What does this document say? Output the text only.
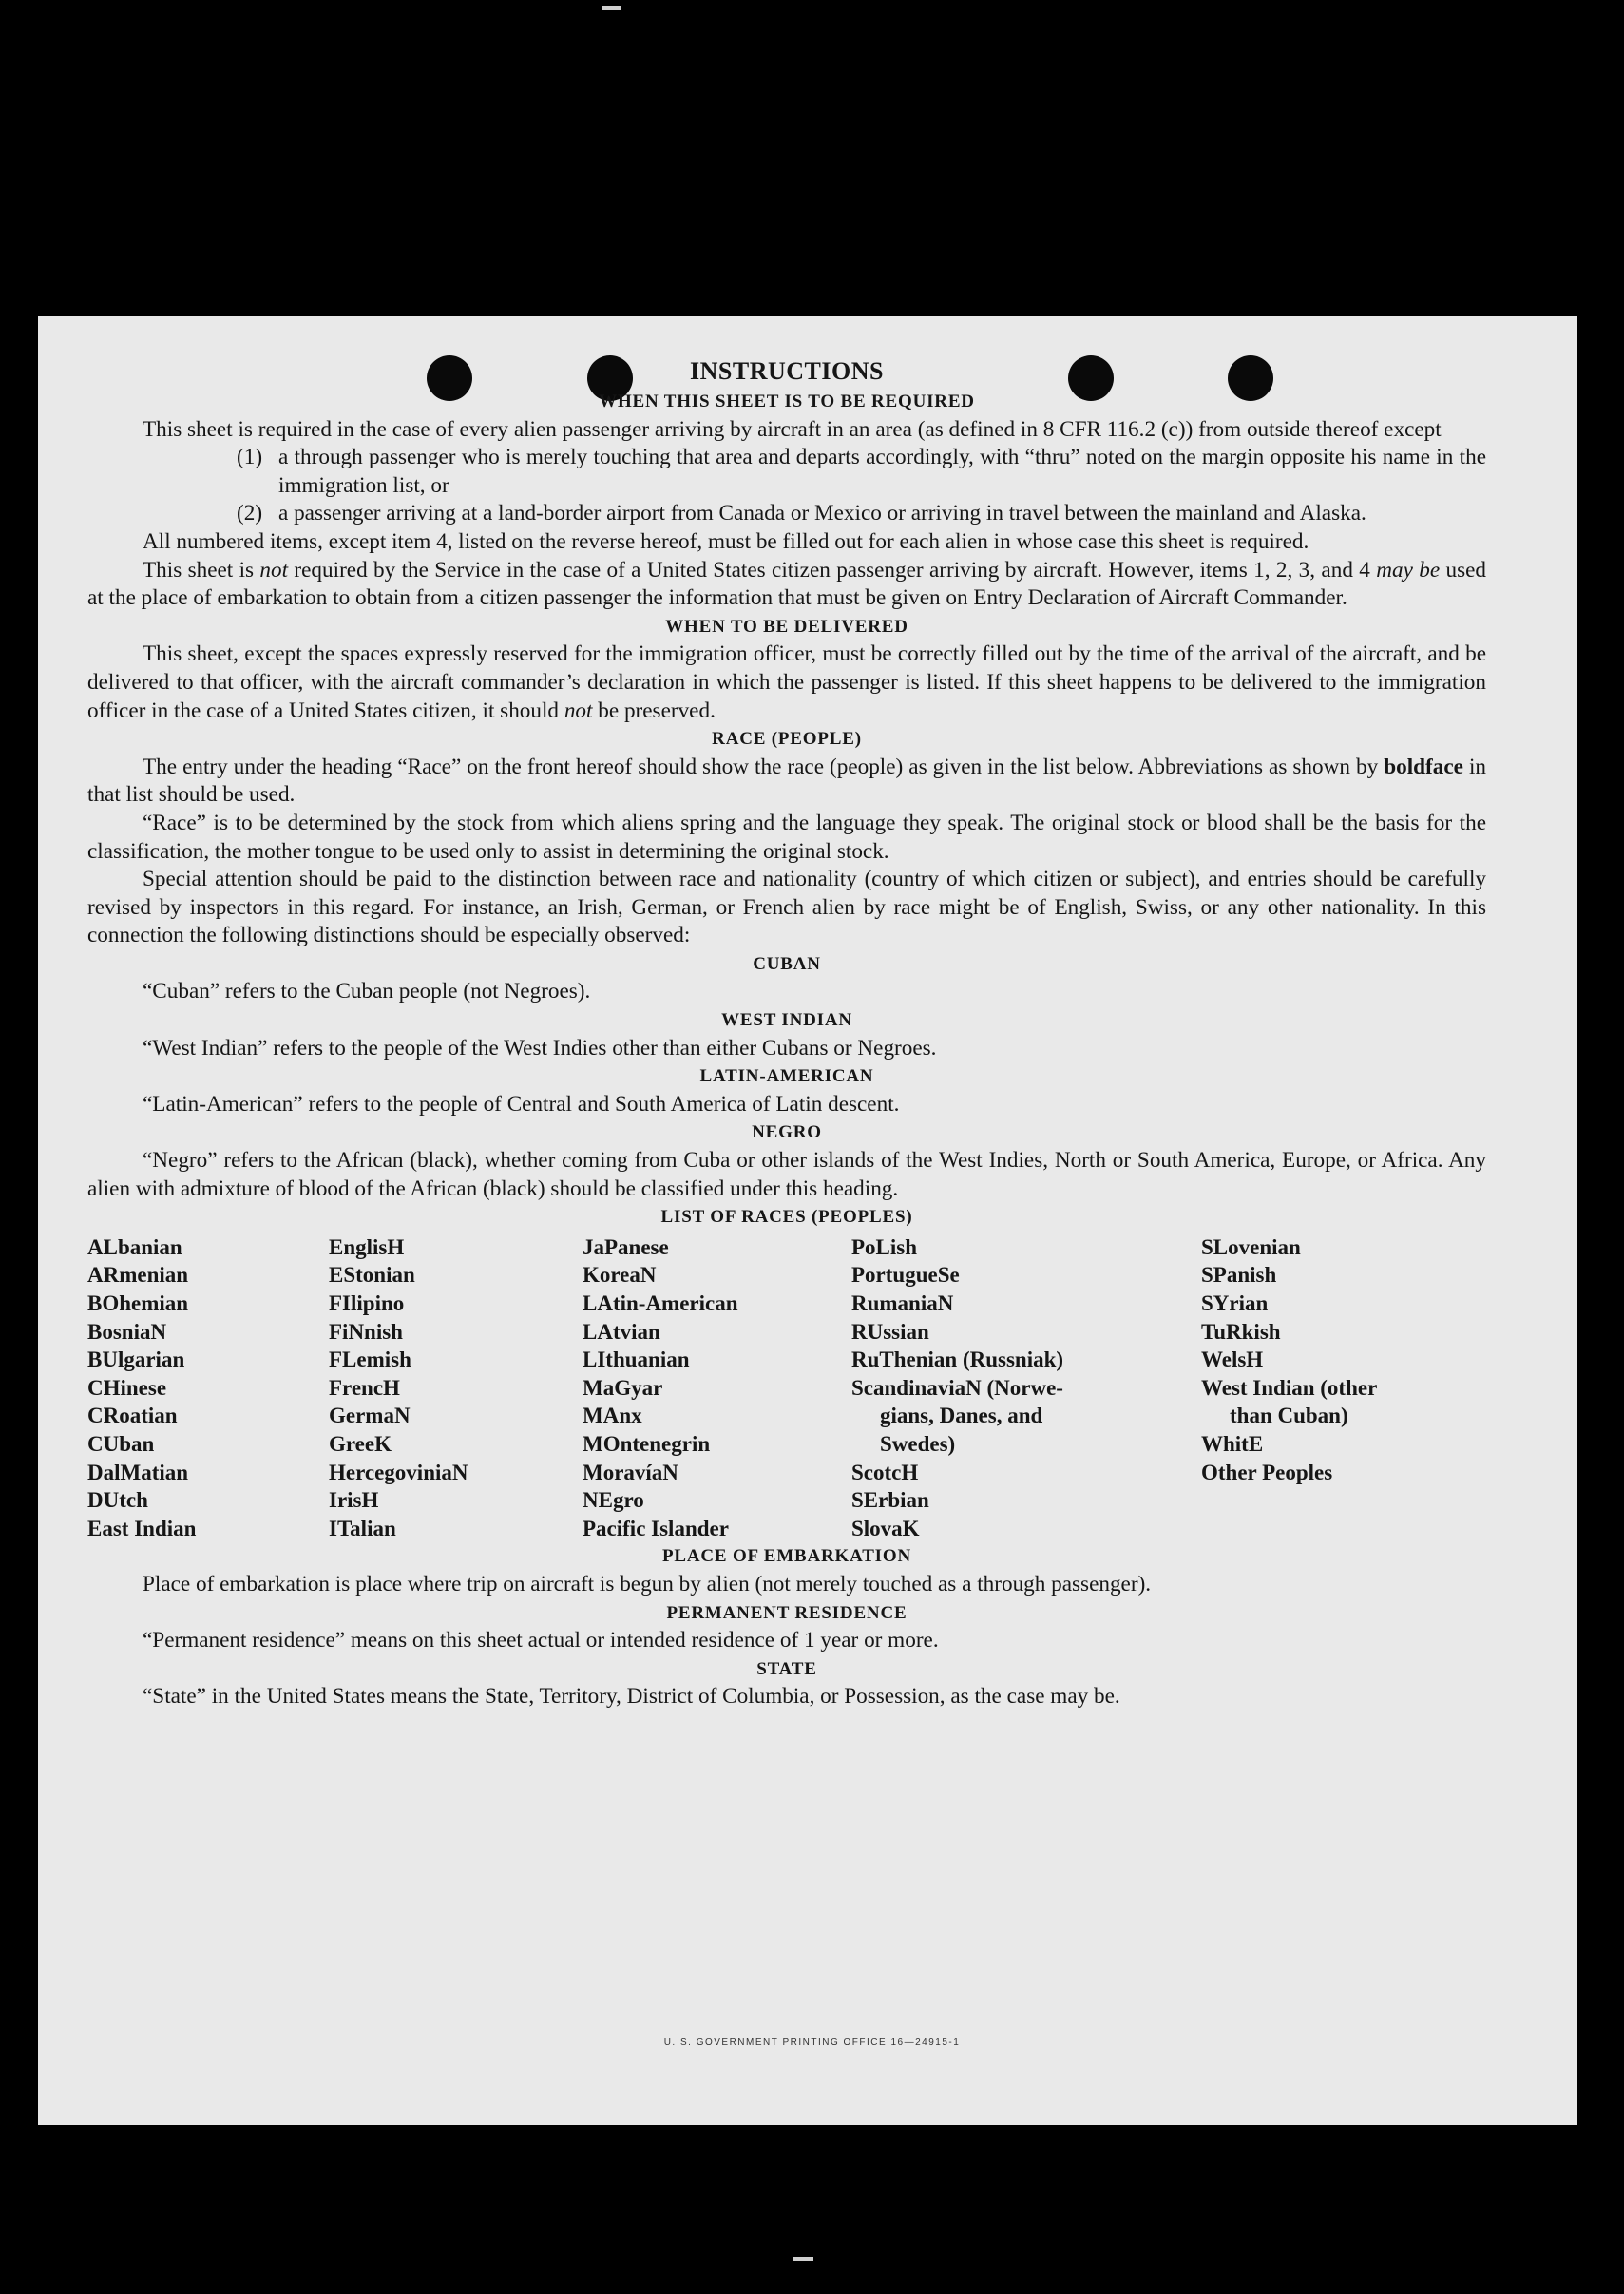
INSTRUCTIONS
WHEN THIS SHEET IS TO BE REQUIRED

This sheet is required in the case of every alien passenger arriving by aircraft in an area (as defined in 8 CFR 116.2 (c)) from outside thereof except

(1) a through passenger who is merely touching that area and departs accordingly, with “thru” noted on the margin opposite his name in the immigration list, or
(2) a passenger arriving at a land-border airport from Canada or Mexico or arriving in travel between the mainland and Alaska.

All numbered items, except item 4, listed on the reverse hereof, must be filled out for each alien in whose case this sheet is required.

This sheet is not required by the Service in the case of a United States citizen passenger arriving by aircraft. However, items 1, 2, 3, and 4 may be used at the place of embarkation to obtain from a citizen passenger the information that must be given on Entry Declaration of Aircraft Commander.

WHEN TO BE DELIVERED

This sheet, except the spaces expressly reserved for the immigration officer, must be correctly filled out by the time of the arrival of the aircraft, and be delivered to that officer, with the aircraft commander’s declaration in which the passenger is listed. If this sheet happens to be delivered to the immigration officer in the case of a United States citizen, it should not be preserved.

RACE (PEOPLE)

The entry under the heading “Race” on the front hereof should show the race (people) as given in the list below. Abbreviations as shown by boldface in that list should be used.

“Race” is to be determined by the stock from which aliens spring and the language they speak. The original stock or blood shall be the basis for the classification, the mother tongue to be used only to assist in determining the original stock.

Special attention should be paid to the distinction between race and nationality (country of which citizen or subject), and entries should be carefully revised by inspectors in this regard. For instance, an Irish, German, or French alien by race might be of English, Swiss, or any other nationality. In this connection the following distinctions should be especially observed:

CUBAN

“Cuban” refers to the Cuban people (not Negroes).

WEST INDIAN

“West Indian” refers to the people of the West Indies other than either Cubans or Negroes.

LATIN-AMERICAN

“Latin-American” refers to the people of Central and South America of Latin descent.

NEGRO

“Negro” refers to the African (black), whether coming from Cuba or other islands of the West Indies, North or South America, Europe, or Africa. Any alien with admixture of blood of the African (black) should be classified under this heading.

LIST OF RACES (PEOPLES)
ALbanian
ARmenian
BOhemian
BosniaN
BUlgarian
CHinese
CRoatian
CUban
DalMatian
DUtch
East Indian
EnglisH
EStonian
FIlipino
FiNnish
FLemish
FrencH
GermaN
GreeK
HercegoviniaN
IrisH
ITalian
JaPanese
KoreaN
LAtin-American
LAtvian
LIthuanian
MaGyar
MAnx
MOntenegrin
MoravíaN
NEgro
Pacific Islander
PoLish
PortugueSe
RumaniaN
RUssian
RuThenian (Russniak)
ScandinaviaN (Norwe-
gians, Danes, and
Swedes)
ScotcH
SErbian
SlovaK
SLovenian
SPanish
SYrian
TuRkish
WelsH
West Indian (other
than Cuban)
WhitE
Other Peoples
PLACE OF EMBARKATION

Place of embarkation is place where trip on aircraft is begun by alien (not merely touched as a through passenger).

PERMANENT RESIDENCE

“Permanent residence” means on this sheet actual or intended residence of 1 year or more.

STATE

“State” in the United States means the State, Territory, District of Columbia, or Possession, as the case may be.

U. S. GOVERNMENT PRINTING OFFICE 16—24915-1
